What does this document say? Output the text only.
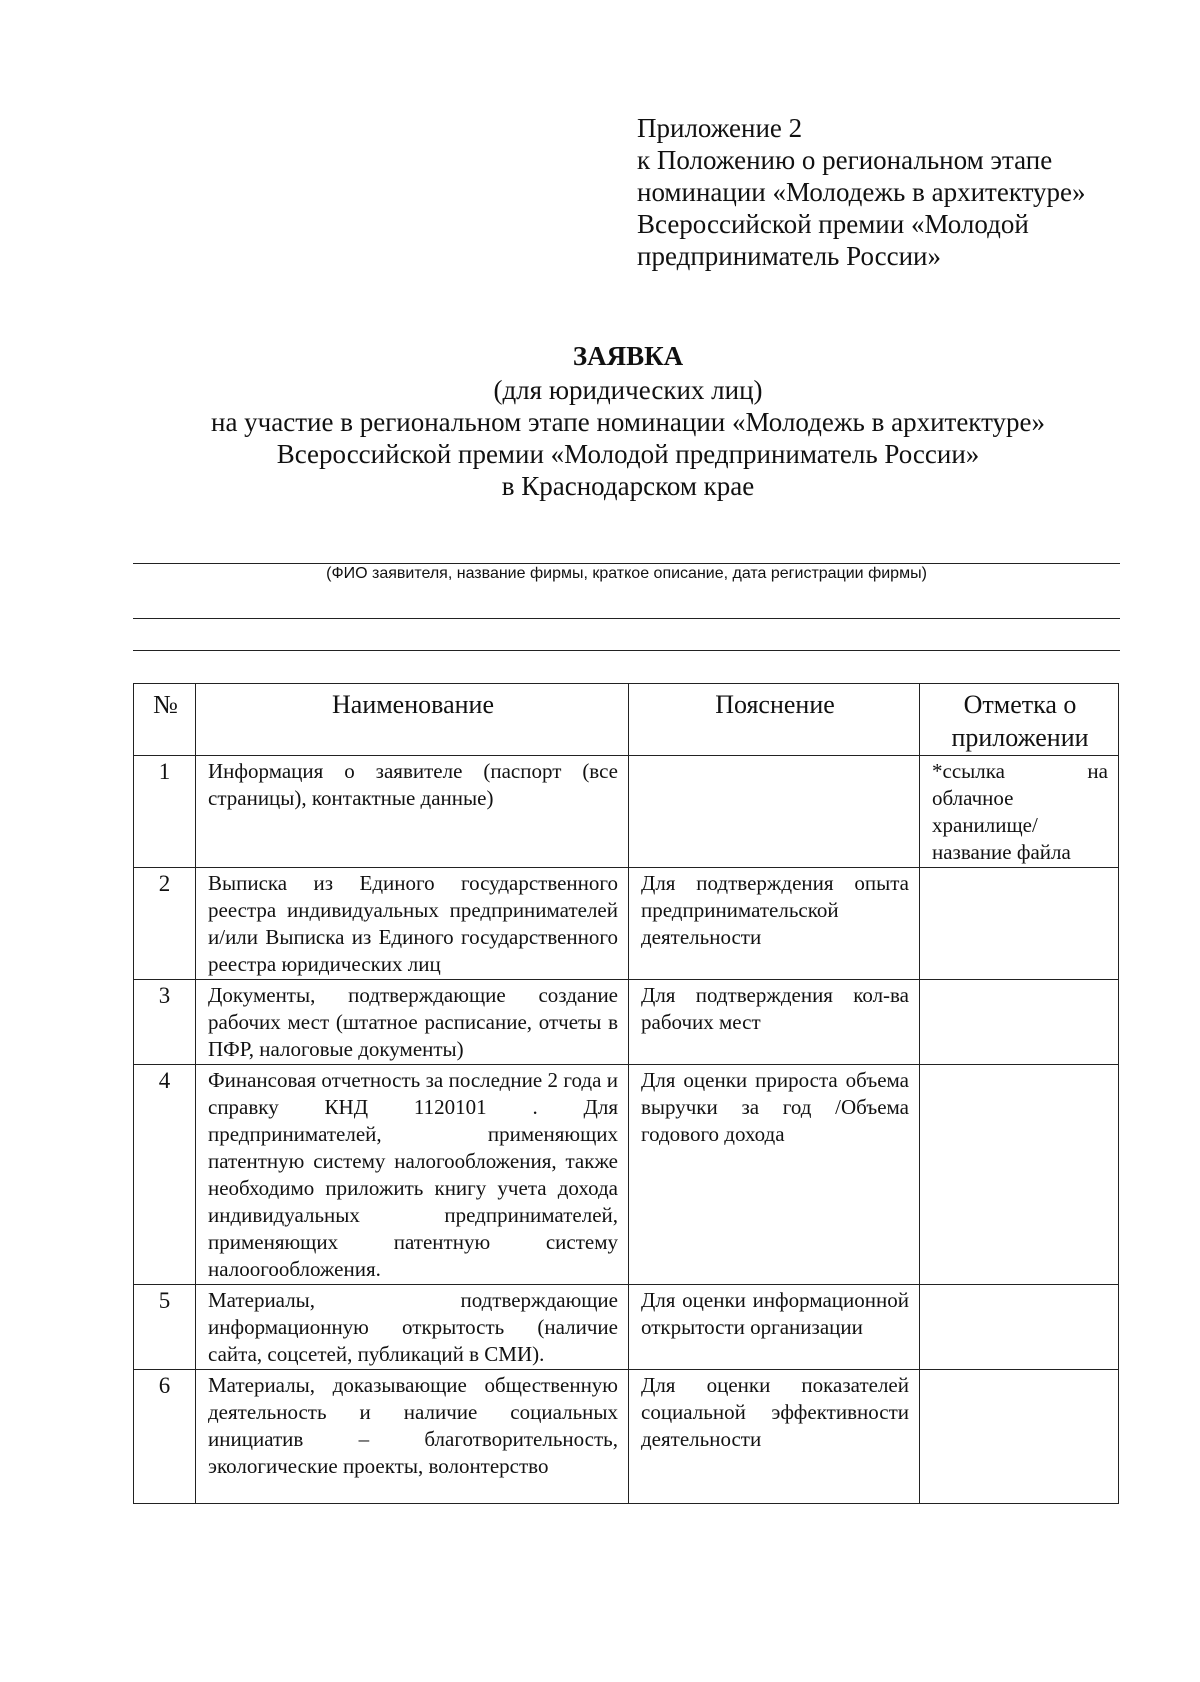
Приложение 2
к Положению о региональном этапе
номинации «Молодежь в архитектуре»
Всероссийской премии «Молодой
предприниматель России»
ЗАЯВКА
(для юридических лиц)
на участие в региональном этапе номинации «Молодежь в архитектуре»
Всероссийской премии «Молодой предприниматель России»
в Краснодарском крае
(ФИО заявителя, название фирмы, краткое описание, дата регистрации фирмы)
№	Наименование	Пояснение	Отметка о приложении
1	Информация о заявителе (паспорт (все страницы), контактные данные)		*ссылка на облачное хранилище/название файла
2	Выписка из Единого государственного реестра индивидуальных предпринимателей и/или Выписка из Единого государственного реестра юридических лиц	Для подтверждения опыта предпринимательской деятельности	
3	Документы, подтверждающие создание рабочих мест (штатное расписание, отчеты в ПФР, налоговые документы)	Для подтверждения кол-ва рабочих мест	
4	Финансовая отчетность за последние 2 года и справку КНД 1120101 . Для предпринимателей, применяющих патентную систему налогообложения, также необходимо приложить книгу учета дохода индивидуальных предпринимателей, применяющих патентную систему налоогообложения.	Для оценки прироста объема выручки за год /Объема годового дохода	
5	Материалы, подтверждающие информационную открытость (наличие сайта, соцсетей, публикаций в СМИ).	Для оценки информационной открытости организации	
6	Материалы, доказывающие общественную деятельность и наличие социальных инициатив – благотворительность, экологические проекты, волонтерство	Для оценки показателей социальной эффективности деятельности	
